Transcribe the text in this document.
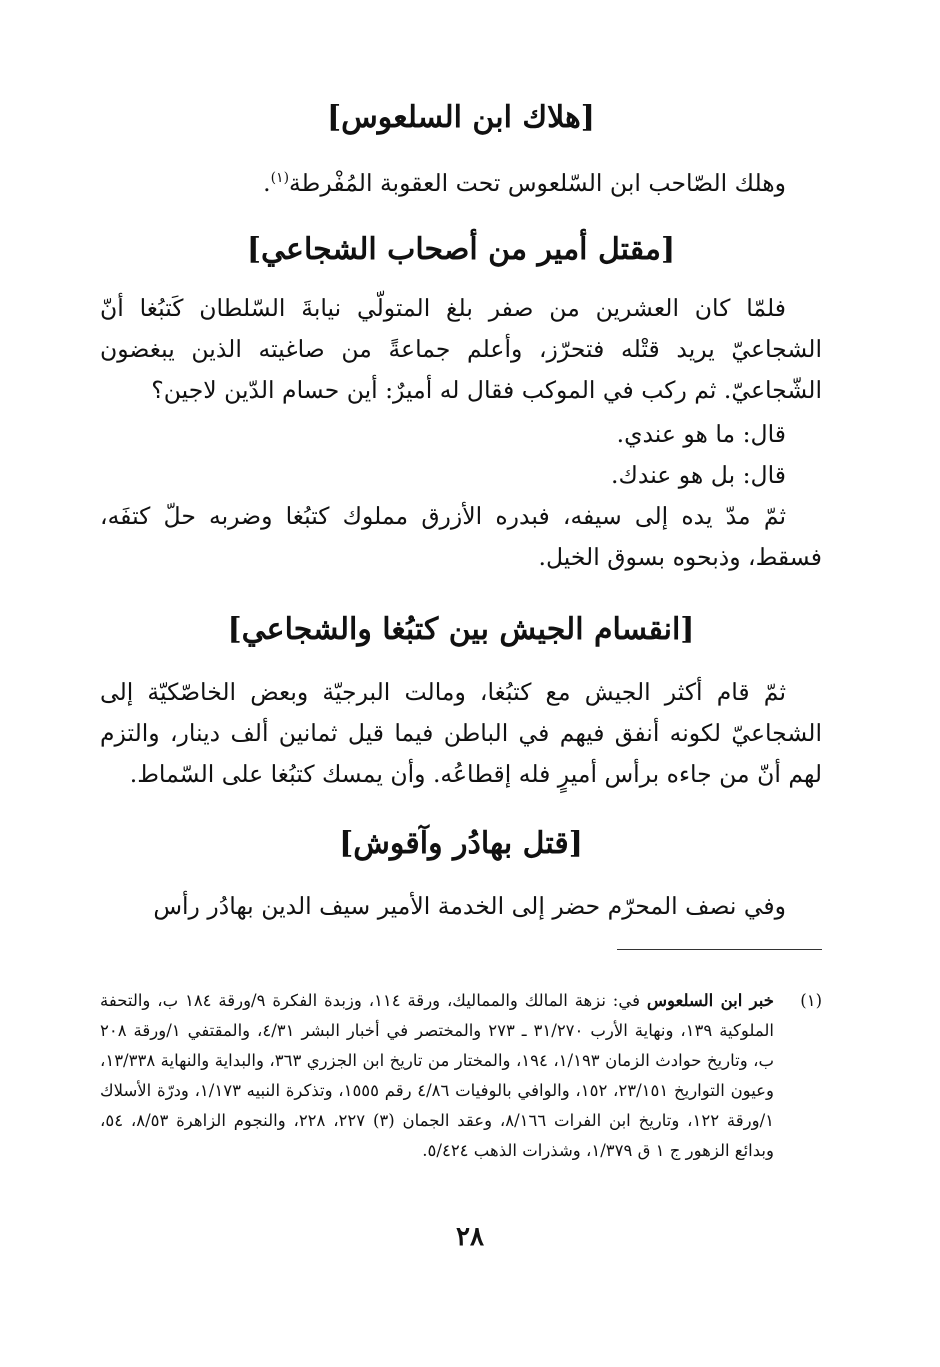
[هلاك ابن السلعوس]

وهلك الصّاحب ابن السّلعوس تحت العقوبة المُفْرطة$^{(١)}$.

[مقتل أمير من أصحاب الشجاعي]

فلمّا كان العشرين من صفر بلغ المتولّي نيابةَ السّلطان كَتبُغا أنّ الشجاعيّ يريد قتْله فتحرّز، وأعلم جماعةً من صاغيته الذين يبغضون الشّجاعيّ. ثم ركب في الموكب فقال له أميرٌ: أين حسام الدّين لاجين؟

قال: ما هو عندي.

قال: بل هو عندك.

ثمّ مدّ يده إلى سيفه، فبدره الأزرق مملوك كتبُغا وضربه حلّ كتفَه، فسقط، وذبحوه بسوق الخيل.

[انقسام الجيش بين كتبُغا والشجاعي]

ثمّ قام أكثر الجيش مع كتبُغا، ومالت البرجيّة وبعض الخاصّكيّة إلى الشجاعيّ لكونه أنفق فيهم في الباطن فيما قيل ثمانين ألف دينار، والتزم لهم أنّ من جاءه برأس أميرٍ فله إقطاعُه. وأن يمسك كتبُغا على السّماط.

[قتل بهادُر وآقوش]

وفي نصف المحرّم حضر إلى الخدمة الأمير سيف الدين بهادُر رأس

(١)
خبر ابن السلعوس في: نزهة المالك والمماليك، ورقة ١١٤، وزبدة الفكرة ٩/ورقة ١٨٤ ب، والتحفة الملوكية ١٣٩، ونهاية الأرب ٣١/٢٧٠ ـ ٢٧٣ والمختصر في أخبار البشر ٤/٣١، والمقتفي ١/ورقة ٢٠٨ ب، وتاريخ حوادث الزمان ١/١٩٣، ١٩٤، والمختار من تاريخ ابن الجزري ٣٦٣، والبداية والنهاية ١٣/٣٣٨، وعيون التواريخ ٢٣/١٥١، ١٥٢، والوافي بالوفيات ٤/٨٦ رقم ١٥٥٥، وتذكرة النبيه ١/١٧٣، ودرّة الأسلاك ١/ورقة ١٢٢، وتاريخ ابن الفرات ٨/١٦٦، وعقد الجمان (٣) ٢٢٧، ٢٢٨، والنجوم الزاهرة ٨/٥٣، ٥٤، وبدائع الزهور ج ١ ق ١/٣٧٩، وشذرات الذهب ٥/٤٢٤.
٢٨
